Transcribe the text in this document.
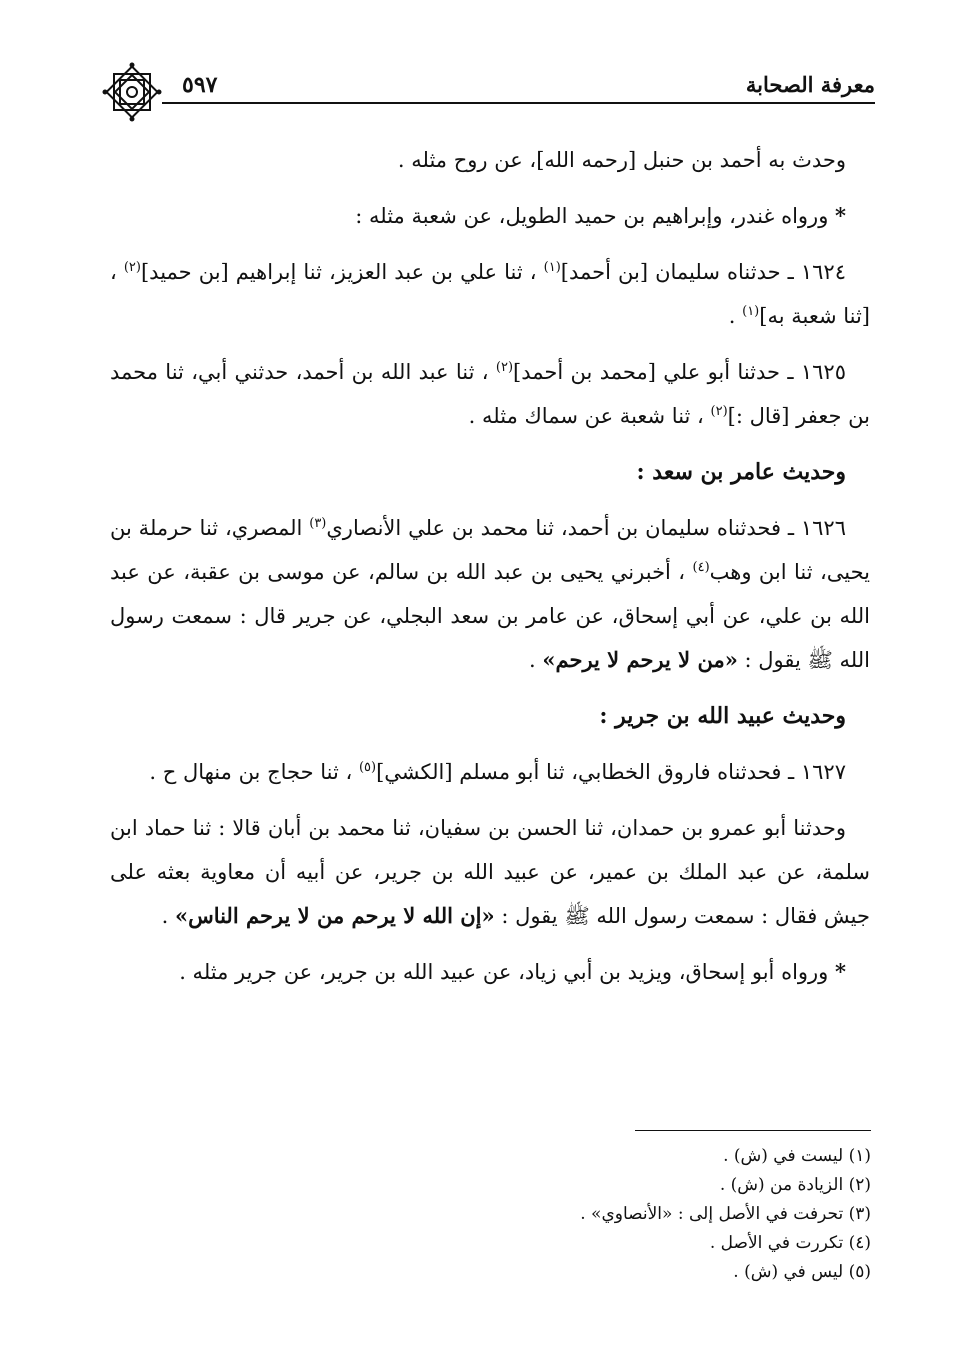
٥٩٧	معرفة الصحابة

وحدث به أحمد بن حنبل [رحمه الله]، عن روح مثله .

* ورواه غندر، وإبراهيم بن حميد الطويل، عن شعبة مثله :

١٦٢٤ ـ حدثناه سليمان [بن أحمد]$^{(١)}$ ، ثنا علي بن عبد العزيز، ثنا إبراهيم [بن حميد]$^{(٢)}$ ، [ثنا شعبة به]$^{(١)}$ .

١٦٢٥ ـ حدثنا أبو علي [محمد بن أحمد]$^{(٢)}$ ، ثنا عبد الله بن أحمد، حدثني أبي، ثنا محمد بن جعفر [قال :]$^{(٢)}$ ، ثنا شعبة عن سماك مثله .

وحديث عامر بن سعد :

١٦٢٦ ـ فحدثناه سليمان بن أحمد، ثنا محمد بن علي الأنصاري$^{(٣)}$ المصري، ثنا حرملة بن يحيى، ثنا ابن وهب$^{(٤)}$ ، أخبرني يحيى بن عبد الله بن سالم، عن موسى بن عقبة، عن عبد الله بن علي، عن أبي إسحاق، عن عامر بن سعد البجلي، عن جرير قال : سمعت رسول الله ﷺ يقول : «من لا يرحم لا يرحم» .

وحديث عبيد الله بن جرير :

١٦٢٧ ـ فحدثناه فاروق الخطابي، ثنا أبو مسلم [الكشي]$^{(٥)}$ ، ثنا حجاج بن منهال ح .

وحدثنا أبو عمرو بن حمدان، ثنا الحسن بن سفيان، ثنا محمد بن أبان قالا : ثنا حماد ابن سلمة، عن عبد الملك بن عمير، عن عبيد الله بن جرير، عن أبيه أن معاوية بعثه على جيش فقال : سمعت رسول الله ﷺ يقول : «إن الله لا يرحم من لا يرحم الناس» .

* ورواه أبو إسحاق، ويزيد بن أبي زياد، عن عبيد الله بن جرير، عن جرير مثله .

(١) ليست في (ش) .
(٢) الزيادة من (ش) .
(٣) تحرفت في الأصل إلى : «الأنصاوي» .
(٤) تكررت في الأصل .
(٥) ليس في (ش) .
